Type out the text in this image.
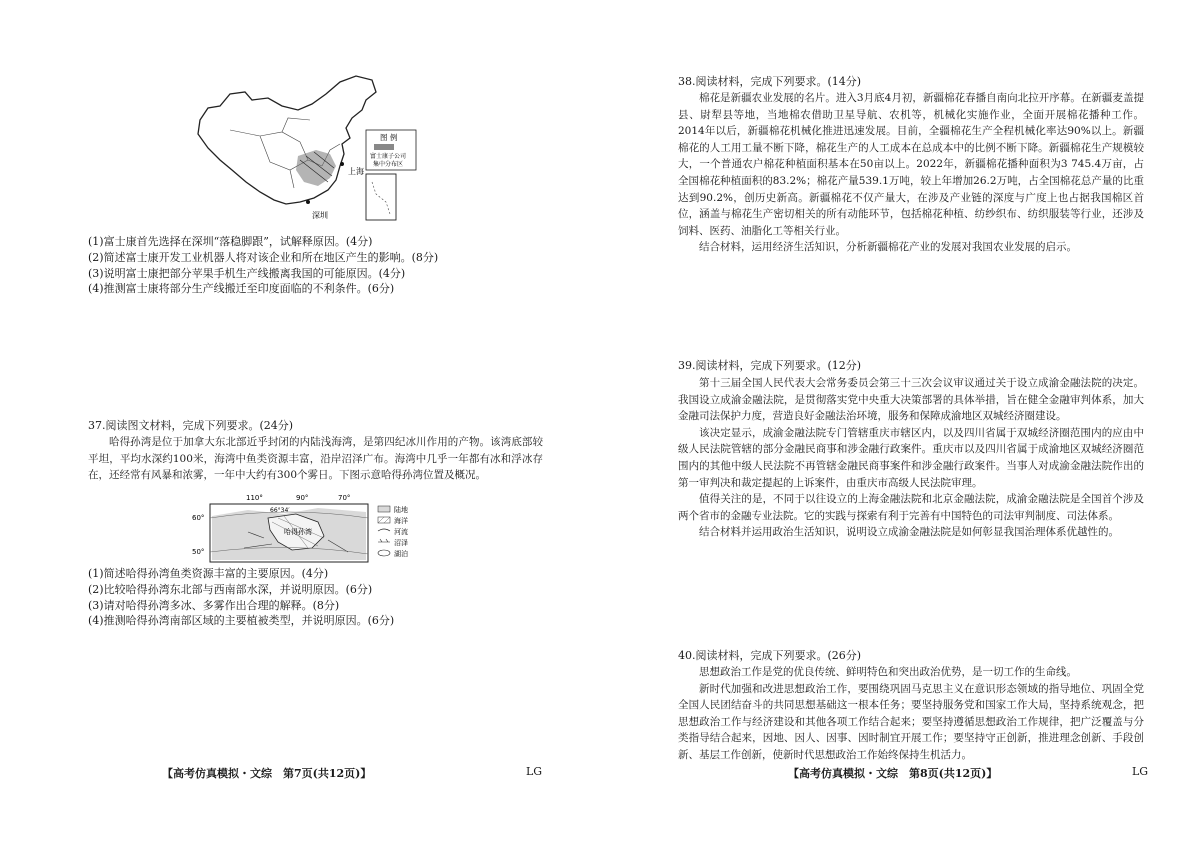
上海
深圳
图 例
富士康子公司
集中分布区
(1)富士康首先选择在深圳“落稳脚跟”，试解释原因。(4分)
(2)简述富士康开发工业机器人将对该企业和所在地区产生的影响。(8分)
(3)说明富士康把部分苹果手机生产线搬离我国的可能原因。(4分)
(4)推测富士康将部分生产线搬迁至印度面临的不利条件。(6分)
37.阅读图文材料，完成下列要求。(24分)

哈得孙湾是位于加拿大东北部近乎封闭的内陆浅海湾，是第四纪冰川作用的产物。该湾底部较平坦，平均水深约100米，海湾中鱼类资源丰富，沿岸沼泽广布。海湾中几乎一年都有冰和浮冰存在，还经常有风暴和浓雾，一年中大约有300个雾日。下图示意哈得孙湾位置及概况。

110°	90°	70°
66°34′
60°
50°
哈得孙湾
陆地
海洋
河流
沼泽
湖泊
(1)简述哈得孙湾鱼类资源丰富的主要原因。(4分)
(2)比较哈得孙湾东北部与西南部水深，并说明原因。(6分)
(3)请对哈得孙湾多冰、多雾作出合理的解释。(8分)
(4)推测哈得孙湾南部区域的主要植被类型，并说明原因。(6分)
【高考仿真模拟・文综　第7页(共12页)】	LG
38.阅读材料，完成下列要求。(14分)

棉花是新疆农业发展的名片。进入3月底4月初，新疆棉花春播自南向北拉开序幕。在新疆麦盖提县、尉犁县等地，当地棉农借助卫星导航、农机等，机械化实施作业，全面开展棉花播种工作。2014年以后，新疆棉花机械化推进迅速发展。目前，全疆棉花生产全程机械化率达90%以上。新疆棉花的人工用工量不断下降，棉花生产的人工成本在总成本中的比例不断下降。新疆棉花生产规模较大，一个普通农户棉花种植面积基本在50亩以上。2022年，新疆棉花播种面积为3 745.4万亩，占全国棉花种植面积的83.2%；棉花产量539.1万吨，较上年增加26.2万吨，占全国棉花总产量的比重达到90.2%，创历史新高。新疆棉花不仅产量大，在涉及产业链的深度与广度上也占据我国棉区首位，涵盖与棉花生产密切相关的所有动能环节，包括棉花种植、纺纱织布、纺织服装等行业，还涉及饲料、医药、油脂化工等相关行业。

结合材料，运用经济生活知识，分析新疆棉花产业的发展对我国农业发展的启示。

39.阅读材料，完成下列要求。(12分)

第十三届全国人民代表大会常务委员会第三十三次会议审议通过关于设立成渝金融法院的决定。我国设立成渝金融法院，是贯彻落实党中央重大决策部署的具体举措，旨在健全金融审判体系，加大金融司法保护力度，营造良好金融法治环境，服务和保障成渝地区双城经济圈建设。

该决定显示，成渝金融法院专门管辖重庆市辖区内，以及四川省属于双城经济圈范围内的应由中级人民法院管辖的部分金融民商事和涉金融行政案件。重庆市以及四川省属于成渝地区双城经济圈范围内的其他中级人民法院不再管辖金融民商事案件和涉金融行政案件。当事人对成渝金融法院作出的第一审判决和裁定提起的上诉案件，由重庆市高级人民法院审理。

值得关注的是，不同于以往设立的上海金融法院和北京金融法院，成渝金融法院是全国首个涉及两个省市的金融专业法院。它的实践与探索有利于完善有中国特色的司法审判制度、司法体系。

结合材料并运用政治生活知识，说明设立成渝金融法院是如何彰显我国治理体系优越性的。

40.阅读材料，完成下列要求。(26分)

思想政治工作是党的优良传统、鲜明特色和突出政治优势，是一切工作的生命线。

新时代加强和改进思想政治工作，要围绕巩固马克思主义在意识形态领域的指导地位、巩固全党全国人民团结奋斗的共同思想基础这一根本任务；要坚持服务党和国家工作大局，坚持系统观念，把思想政治工作与经济建设和其他各项工作结合起来；要坚持遵循思想政治工作规律，把广泛覆盖与分类指导结合起来，因地、因人、因事、因时制宜开展工作；要坚持守正创新，推进理念创新、手段创新、基层工作创新，使新时代思想政治工作始终保持生机活力。

【高考仿真模拟・文综　第8页(共12页)】	LG
